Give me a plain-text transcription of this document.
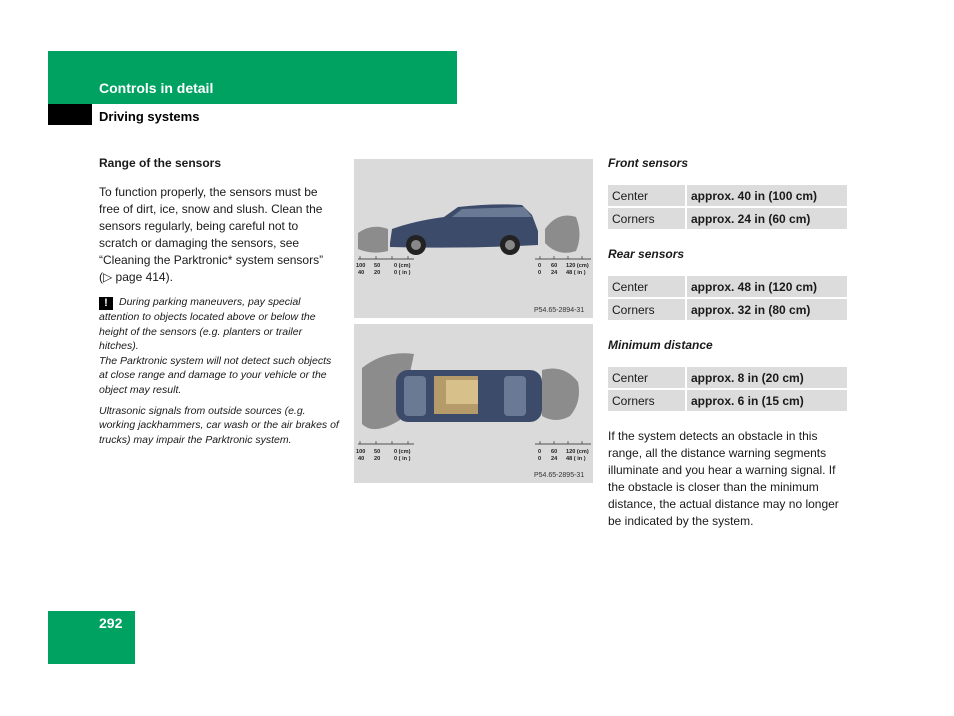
Controls in detail
Driving systems

Range of the sensors

To function properly, the sensors must be free of dirt, ice, snow and slush. Clean the sensors regularly, being careful not to scratch or damaging the sensors, see “Cleaning the Parktronic* system sensors” (▷ page 414).

! During parking maneuvers, pay special attention to objects located above or below the height of the sensors (e.g. planters or trailer hitches).
The Parktronic system will not detect such objects at close range and damage to your vehicle or the object may result.

Ultrasonic signals from outside sources (e.g. working jackhammers, car wash or the air brakes of trucks) may impair the Parktronic system.

100 50 0 (cm)
40 20 0 ( in )
0 60 120 (cm)
0 24 48 ( in )
P54.65-2894-31
100 50 0 (cm)
40 20 0 ( in )
0 60 120 (cm)
0 24 48 ( in )
P54.65-2895-31

Front sensors

Center	approx. 40 in (100 cm)
Corners	approx. 24 in (60 cm)

Rear sensors

Center	approx. 48 in (120 cm)
Corners	approx. 32 in (80 cm)

Minimum distance

Center	approx. 8 in (20 cm)
Corners	approx. 6 in (15 cm)

If the system detects an obstacle in this range, all the distance warning segments illuminate and you hear a warning signal. If the obstacle is closer than the minimum distance, the actual distance may no longer be indicated by the system.

292
